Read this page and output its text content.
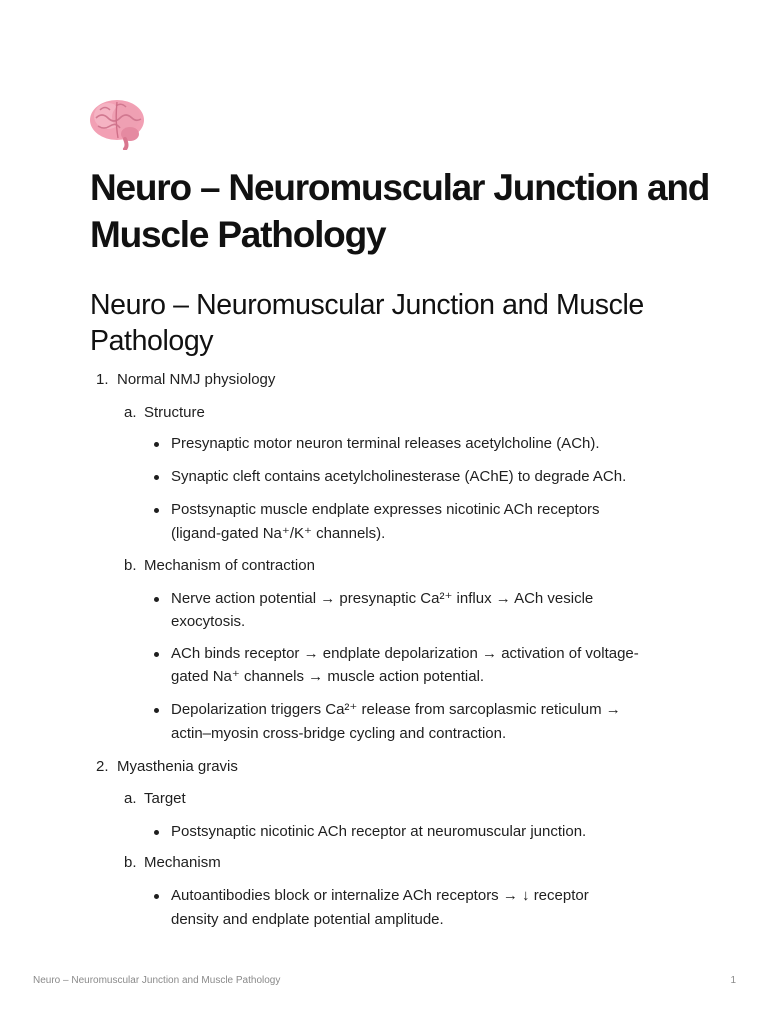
Neuro – Neuromuscular Junction and Muscle Pathology
Neuro – Neuromuscular Junction and Muscle Pathology
1. Normal NMJ physiology
a. Structure
Presynaptic motor neuron terminal releases acetylcholine (ACh).
Synaptic cleft contains acetylcholinesterase (AChE) to degrade ACh.
Postsynaptic muscle endplate expresses nicotinic ACh receptors
(ligand-gated Na⁺/K⁺ channels).
b. Mechanism of contraction
Nerve action potential → presynaptic Ca²⁺ influx → ACh vesicle
exocytosis.
ACh binds receptor → endplate depolarization → activation of voltage-
gated Na⁺ channels → muscle action potential.
Depolarization triggers Ca²⁺ release from sarcoplasmic reticulum →
actin–myosin cross-bridge cycling and contraction.
2. Myasthenia gravis
a. Target
Postsynaptic nicotinic ACh receptor at neuromuscular junction.
b. Mechanism
Autoantibodies block or internalize ACh receptors → ↓ receptor
density and endplate potential amplitude.
Neuro – Neuromuscular Junction and Muscle Pathology	1
